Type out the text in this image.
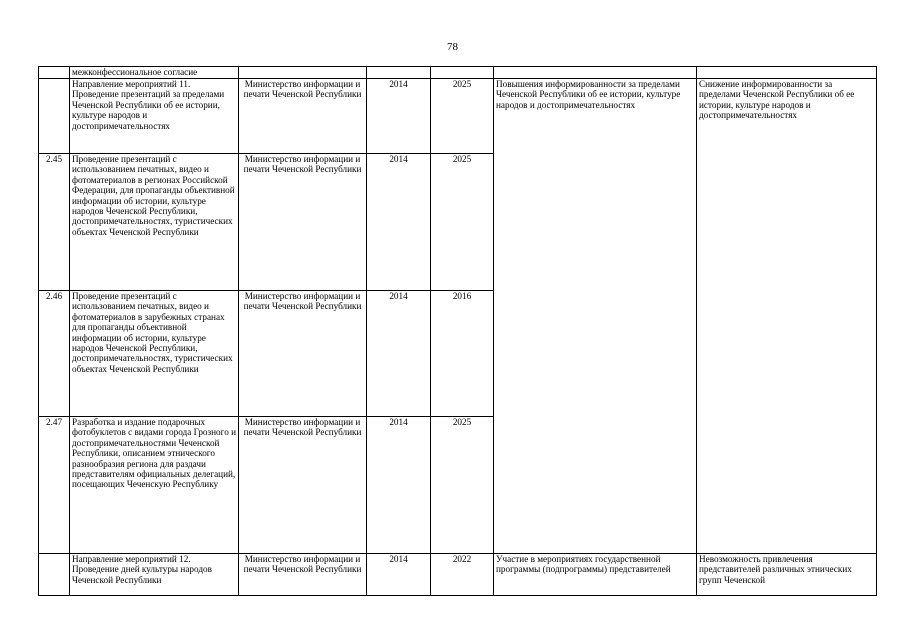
78
	межконфессиональное согласие					
	Направление мероприятий 11. Проведение презентаций за пределами Чеченской Республики об ее истории, культуре народов и достопримечательностях	Министерство информации и печати Чеченской Республики	2014	2025	Повышения информированности за пределами Чеченской Республики об ее истории, культуре народов и достопримечательностях	Снижение информированности за пределами Чеченской Республики об ее истории, культуре народов и достопримечательностях
2.45	Проведение презентаций с использованием печатных, видео и фотоматериалов в регионах Российской Федерации, для пропаганды объективной информации об истории, культуре народов Чеченской Республики, достопримечательностях, туристических объектах Чеченской Республики	Министерство информации и печати Чеченской Республики	2014	2025		
2.46	Проведение презентаций с использованием печатных, видео и фотоматериалов в зарубежных странах для пропаганды объективной информации об истории, культуре народов Чеченской Республики, достопримечательностях, туристических объектах Чеченской Республики	Министерство информации и печати Чеченской Республики	2014	2016		
2.47	Разработка и издание подарочных фотобуклетов с видами города Грозного и достопримечательностями Чеченской Республики, описанием этнического разнообразия региона для раздачи представителям официальных делегаций, посещающих Чеченскую Республику	Министерство информации и печати Чеченской Республики	2014	2025		
	Направление мероприятий 12. Проведение дней культуры народов Чеченской Республики	Министерство информации и печати Чеченской Республики	2014	2022	Участие в мероприятиях государственной программы (подпрограммы) представителей	Невозможность привлечения представителей различных этнических групп Чеченской
